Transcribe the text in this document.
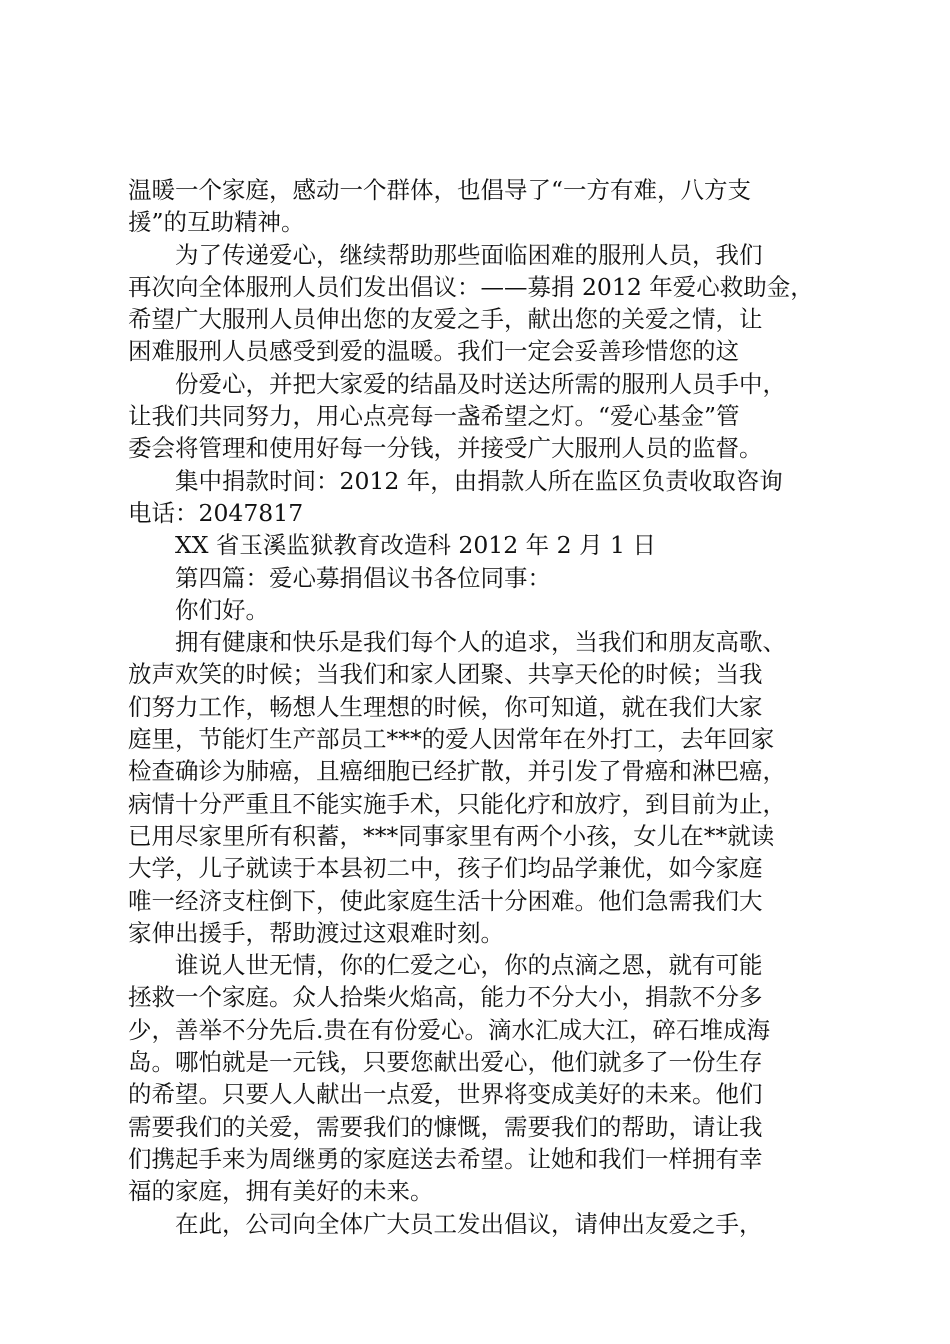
温暖一个家庭，感动一个群体，也倡导了“一方有难，八方支
援”的互助精神。
为了传递爱心，继续帮助那些面临困难的服刑人员，我们
再次向全体服刑人员们发出倡议：——募捐 2012 年爱心救助金，
希望广大服刑人员伸出您的友爱之手，献出您的关爱之情，让
困难服刑人员感受到爱的温暖。我们一定会妥善珍惜您的这
份爱心，并把大家爱的结晶及时送达所需的服刑人员手中，
让我们共同努力，用心点亮每一盏希望之灯。“爱心基金”管
委会将管理和使用好每一分钱，并接受广大服刑人员的监督。
集中捐款时间：2012 年，由捐款人所在监区负责收取咨询
电话：2047817
XX 省玉溪监狱教育改造科 2012 年 2 月 1 日
第四篇：爱心募捐倡议书各位同事：
你们好。
拥有健康和快乐是我们每个人的追求，当我们和朋友高歌、
放声欢笑的时候；当我们和家人团聚、共享天伦的时候；当我
们努力工作，畅想人生理想的时候，你可知道，就在我们大家
庭里，节能灯生产部员工***的爱人因常年在外打工，去年回家
检查确诊为肺癌，且癌细胞已经扩散，并引发了骨癌和淋巴癌，
病情十分严重且不能实施手术，只能化疗和放疗，到目前为止，
已用尽家里所有积蓄，***同事家里有两个小孩，女儿在**就读
大学，儿子就读于本县初二中，孩子们均品学兼优，如今家庭
唯一经济支柱倒下，使此家庭生活十分困难。他们急需我们大
家伸出援手，帮助渡过这艰难时刻。
谁说人世无情，你的仁爱之心，你的点滴之恩，就有可能
拯救一个家庭。众人拾柴火焰高，能力不分大小，捐款不分多
少，善举不分先后.贵在有份爱心。滴水汇成大江，碎石堆成海
岛。哪怕就是一元钱，只要您献出爱心，他们就多了一份生存
的希望。只要人人献出一点爱，世界将变成美好的未来。他们
需要我们的关爱，需要我们的慷慨，需要我们的帮助，请让我
们携起手来为周继勇的家庭送去希望。让她和我们一样拥有幸
福的家庭，拥有美好的未来。
在此，公司向全体广大员工发出倡议，请伸出友爱之手，
